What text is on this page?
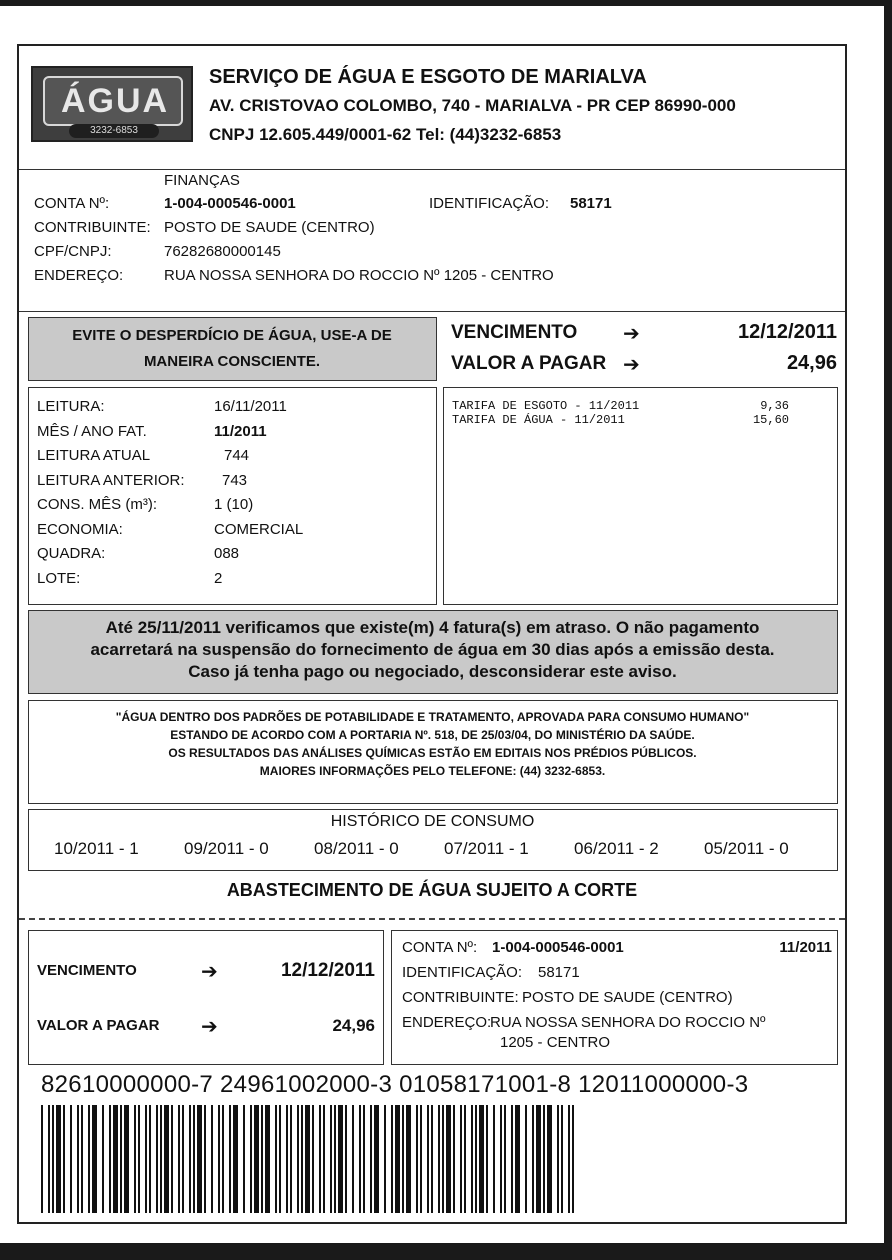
ÁGUA
3232-6853
SERVIÇO DE ÁGUA E ESGOTO DE MARIALVA
AV. CRISTOVAO COLOMBO, 740 - MARIALVA - PR CEP 86990-000
CNPJ 12.605.449/0001-62 Tel: (44)3232-6853
FINANÇAS
CONTA Nº:	1-004-000546-0001	IDENTIFICAÇÃO: 58171
CONTRIBUINTE: POSTO DE SAUDE (CENTRO)
CPF/CNPJ:	76282680000145
ENDEREÇO:	RUA NOSSA SENHORA DO ROCCIO Nº 1205 - CENTRO
EVITE O DESPERDÍCIO DE ÁGUA, USE-A DE
MANEIRA CONSCIENTE.
VENCIMENTO ➔	12/12/2011
VALOR A PAGAR ➔	24,96
LEITURA:	16/11/2011
MÊS / ANO FAT.	11/2011
LEITURA ATUAL	744
LEITURA ANTERIOR: 743
CONS. MÊS (m³):	1 (10)
ECONOMIA:	COMERCIAL
QUADRA:	088
LOTE:	2
TARIFA DE ESGOTO - 11/2011	9,36
TARIFA DE ÁGUA - 11/2011	15,60
Até 25/11/2011 verificamos que existe(m) 4 fatura(s) em atraso. O não pagamento
acarretará na suspensão do fornecimento de água em 30 dias após a emissão desta.
Caso já tenha pago ou negociado, desconsiderar este aviso.
"ÁGUA DENTRO DOS PADRÕES DE POTABILIDADE E TRATAMENTO, APROVADA PARA CONSUMO HUMANO"
ESTANDO DE ACORDO COM A PORTARIA Nº. 518, DE 25/03/04, DO MINISTÉRIO DA SAÚDE.
OS RESULTADOS DAS ANÁLISES QUÍMICAS ESTÃO EM EDITAIS NOS PRÉDIOS PÚBLICOS.
MAIORES INFORMAÇÕES PELO TELEFONE: (44) 3232-6853.
HISTÓRICO DE CONSUMO
10/2011 - 1	09/2011 - 0	08/2011 - 0	07/2011 - 1	06/2011 - 2	05/2011 - 0
ABASTECIMENTO DE ÁGUA SUJEITO A CORTE
VENCIMENTO	➔	12/12/2011
VALOR A PAGAR ➔	24,96
CONTA Nº: 1-004-000546-0001	11/2011
IDENTIFICAÇÃO: 58171
CONTRIBUINTE: POSTO DE SAUDE (CENTRO)
ENDEREÇO:
RUA NOSSA SENHORA DO ROCCIO Nº
1205 - CENTRO
82610000000-7 24961002000-3 01058171001-8 12011000000-3
